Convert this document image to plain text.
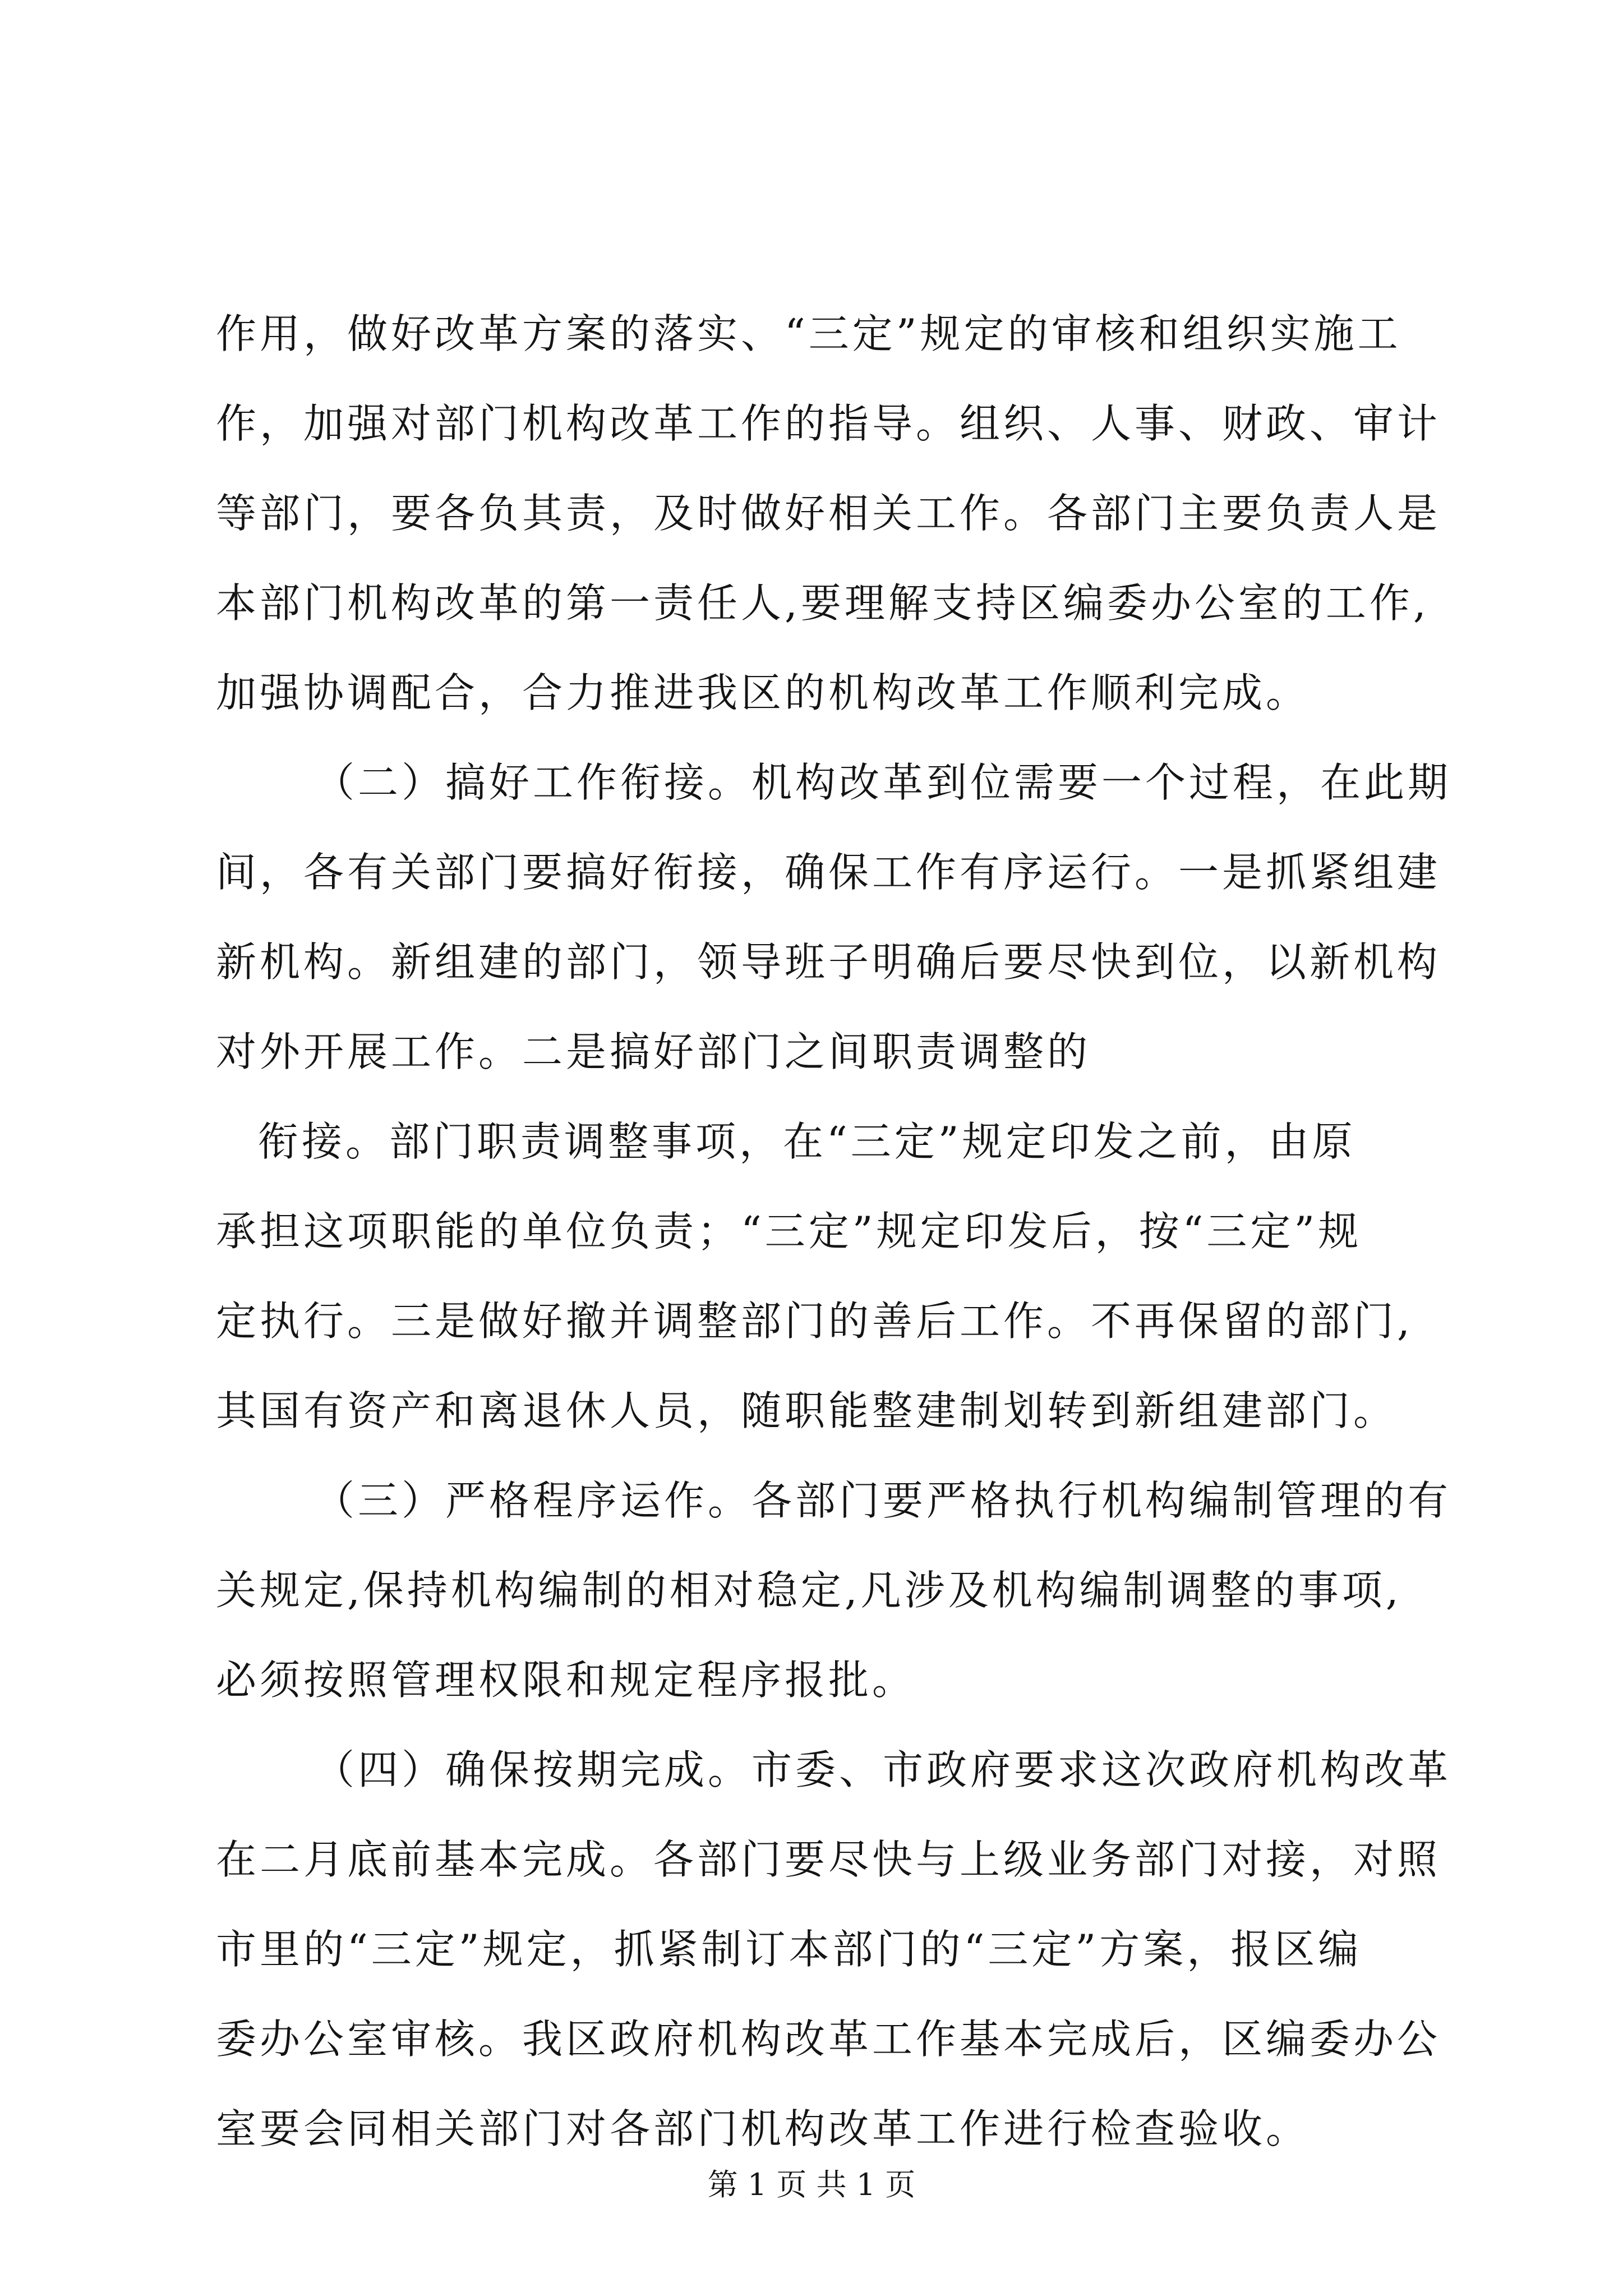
作用，做好改革方案的落实、“三定”规定的审核和组织实施工
作，加强对部门机构改革工作的指导。组织、人事、财政、审计
等部门，要各负其责，及时做好相关工作。各部门主要负责人是
本部门机构改革的第一责任人,要理解支持区编委办公室的工作,
加强协调配合，合力推进我区的机构改革工作顺利完成。
（二）搞好工作衔接。机构改革到位需要一个过程，在此期
间，各有关部门要搞好衔接，确保工作有序运行。一是抓紧组建
新机构。新组建的部门，领导班子明确后要尽快到位，以新机构
对外开展工作。二是搞好部门之间职责调整的
衔接。部门职责调整事项，在“三定”规定印发之前，由原
承担这项职能的单位负责；“三定”规定印发后，按“三定”规
定执行。三是做好撤并调整部门的善后工作。不再保留的部门,
其国有资产和离退休人员，随职能整建制划转到新组建部门。
（三）严格程序运作。各部门要严格执行机构编制管理的有
关规定,保持机构编制的相对稳定,凡涉及机构编制调整的事项,
必须按照管理权限和规定程序报批。
（四）确保按期完成。市委、市政府要求这次政府机构改革
在二月底前基本完成。各部门要尽快与上级业务部门对接，对照
市里的“三定”规定，抓紧制订本部门的“三定”方案，报区编
委办公室审核。我区政府机构改革工作基本完成后，区编委办公
室要会同相关部门对各部门机构改革工作进行检查验收。
第 1 页 共 1 页
